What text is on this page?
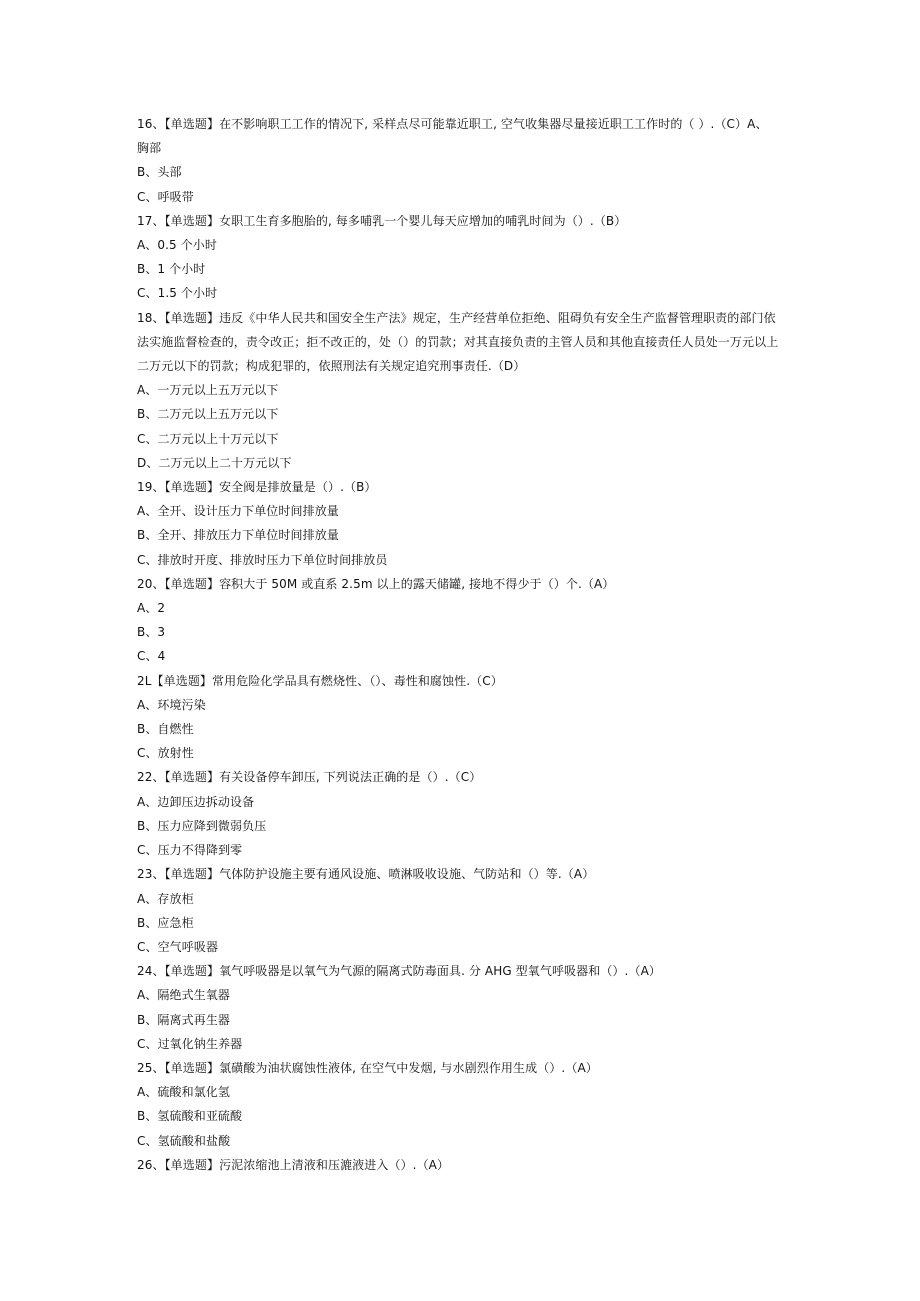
16、【单选题】在不影响职工工作的情况下, 采样点尽可能靠近职工, 空气收集器尽量接近职工工作时的（ ）.（C）A、
胸部
B、头部
C、呼吸带
17、【单选题】女职工生育多胞胎的, 每多哺乳一个婴儿每天应增加的哺乳时间为（）.（B）
A、0.5 个小时
B、1 个小时
C、1.5 个小时
18、【单选题】违反《中华人民共和国安全生产法》规定，生产经营单位拒绝、阻碍负有安全生产监督管理职责的部门依法实施监督检查的，责令改正；拒不改正的，处（）的罚款；对其直接负责的主管人员和其他直接责任人员处一万元以上二万元以下的罚款；构成犯罪的，依照刑法有关规定追究刑事责任.（D）
A、一万元以上五万元以下
B、二万元以上五万元以下
C、二万元以上十万元以下
D、二万元以上二十万元以下
19、【单选题】安全阀是排放量是（）.（B）
A、全开、设计压力下单位时间排放量
B、全开、排放压力下单位时间排放量
C、排放时开度、排放时压力下单位时间排放员
20、【单选题】容积大于 50M 或直系 2.5m 以上的露天储罐, 接地不得少于（）个.（A）
A、2
B、3
C、4
2L【单选题】常用危险化学品具有燃烧性、（）、毒性和腐蚀性.（C）
A、环境污染
B、自燃性
C、放射性
22、【单选题】有关设备停车卸压, 下列说法正确的是（）.（C）
A、边卸压边拆动设备
B、压力应降到微弱负压
C、压力不得降到零
23、【单选题】气体防护设施主要有通风设施、喷淋吸收设施、气防站和（）等.（A）
A、存放柜
B、应急柜
C、空气呼吸器
24、【单选题】氧气呼吸器是以氧气为气源的隔离式防毒面具. 分 AHG 型氧气呼吸器和（）.（A）
A、隔绝式生氧器
B、隔离式再生器
C、过氧化钠生养器
25、【单选题】氯磺酸为油状腐蚀性液体, 在空气中发烟, 与水剧烈作用生成（）.（A）
A、硫酸和氯化氢
B、氢硫酸和亚硫酸
C、氢硫酸和盐酸
26、【单选题】污泥浓缩池上清液和压漉液进入（）.（A）
